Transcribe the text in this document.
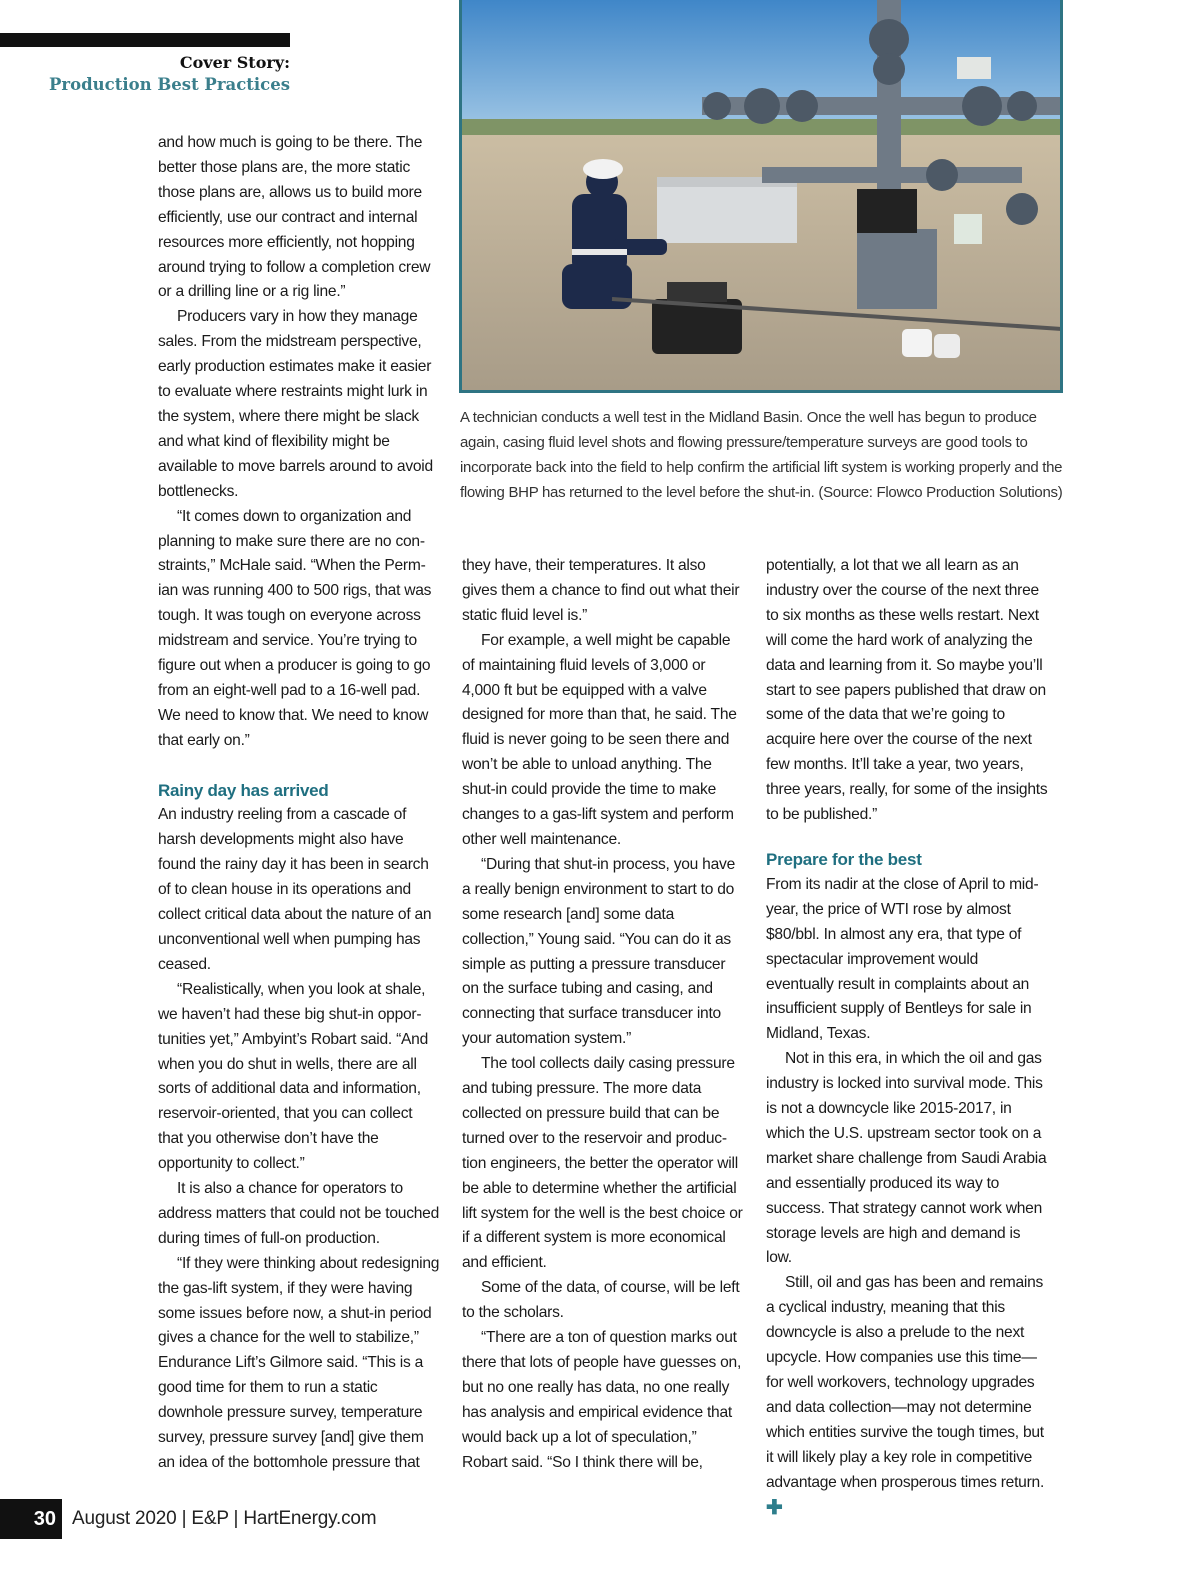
Cover Story:
Production Best Practices
A technician conducts a well test in the Midland Basin. Once the well has begun to produce again, casing fluid level shots and flowing pressure/temperature surveys are good tools to incorporate back into the field to help confirm the artificial lift system is working properly and the flowing BHP has returned to the level before the shut-in. (Source: Flowco Production Solutions)

and how much is going to be there. The better those plans are, the more static those plans are, allows us to build more efficiently, use our contract and internal resources more efficiently, not hopping around trying to follow a completion crew or a drilling line or a rig line.”

Producers vary in how they manage sales. From the midstream perspective, early production estimates make it easier to evaluate where restraints might lurk in the system, where there might be slack and what kind of flexibility might be available to move barrels around to avoid bottlenecks.

“It comes down to organization and planning to make sure there are no constraints,” McHale said. “When the Permian was running 400 to 500 rigs, that was tough. It was tough on everyone across midstream and service. You’re trying to figure out when a producer is going to go from an eight-well pad to a 16-well pad. We need to know that. We need to know that early on.”

Rainy day has arrived

An industry reeling from a cascade of harsh developments might also have found the rainy day it has been in search of to clean house in its operations and collect critical data about the nature of an unconventional well when pumping has ceased.

“Realistically, when you look at shale, we haven’t had these big shut-in opportunities yet,” Ambyint’s Robart said. “And when you do shut in wells, there are all sorts of additional data and information, reservoir-oriented, that you can collect that you otherwise don’t have the opportunity to collect.”

It is also a chance for operators to address matters that could not be touched during times of full-on production.

“If they were thinking about redesigning the gas-lift system, if they were having some issues before now, a shut-in period gives a chance for the well to stabilize,” Endurance Lift’s Gilmore said. “This is a good time for them to run a static downhole pressure survey, temperature survey, pressure survey [and] give them an idea of the bottomhole pressure that

they have, their temperatures. It also gives them a chance to find out what their static fluid level is.”

For example, a well might be capable of maintaining fluid levels of 3,000 or 4,000 ft but be equipped with a valve designed for more than that, he said. The fluid is never going to be seen there and won’t be able to unload anything. The shut-in could provide the time to make changes to a gas-lift system and perform other well maintenance.

“During that shut-in process, you have a really benign environment to start to do some research [and] some data collection,” Young said. “You can do it as simple as putting a pressure transducer on the surface tubing and casing, and connecting that surface transducer into your automation system.”

The tool collects daily casing pressure and tubing pressure. The more data collected on pressure build that can be turned over to the reservoir and production engineers, the better the operator will be able to determine whether the artificial lift system for the well is the best choice or if a different system is more economical and efficient.

Some of the data, of course, will be left to the scholars.

“There are a ton of question marks out there that lots of people have guesses on, but no one really has data, no one really has analysis and empirical evidence that would back up a lot of speculation,” Robart said. “So I think there will be,

potentially, a lot that we all learn as an industry over the course of the next three to six months as these wells restart. Next will come the hard work of analyzing the data and learning from it. So maybe you’ll start to see papers published that draw on some of the data that we’re going to acquire here over the course of the next few months. It’ll take a year, two years, three years, really, for some of the insights to be published.”

Prepare for the best

From its nadir at the close of April to midyear, the price of WTI rose by almost $80/bbl. In almost any era, that type of spectacular improvement would eventually result in complaints about an insufficient supply of Bentleys for sale in Midland, Texas.

Not in this era, in which the oil and gas industry is locked into survival mode. This is not a downcycle like 2015-2017, in which the U.S. upstream sector took on a market share challenge from Saudi Arabia and essentially produced its way to success. That strategy cannot work when storage levels are high and demand is low.

Still, oil and gas has been and remains a cyclical industry, meaning that this downcycle is also a prelude to the next upcycle. How companies use this time—for well workovers, technology upgrades and data collection—may not determine which entities survive the tough times, but it will likely play a key role in competitive advantage when prosperous times return. ✚

30 August 2020 | E&P | HartEnergy.com
